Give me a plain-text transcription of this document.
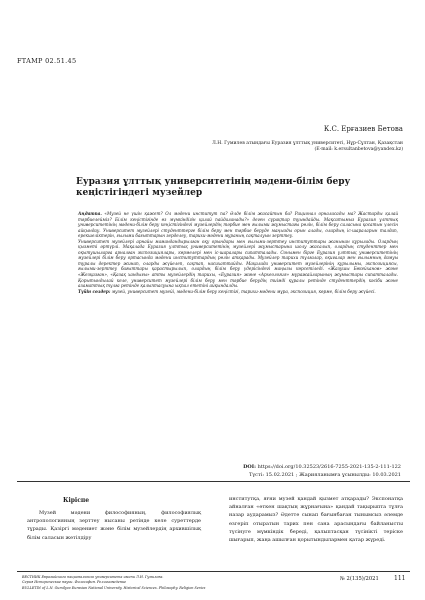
FTAMP 02.51.45
К.С. Ерғазиев Бетова
Л.Н. Гумилев атындағы Еуразия ұлттық университеті, Нұр-Сұлтан, Қазақстан
(E-mail: k.ersultanbetova@yandex.kz)
Еуразия ұлттық университетінің мәдени-білім беру кеңістігіндегі музейлер

Аңдатпа. «Музей не үшін қажет? Ол мәдени институт па? Әлде білім жасайтын ба? Рационал орналасады ма? Жастарды қалай тәрбиелейміз? Білім кеңістігінде өз мүмкіндігін қалай пайдаланады?» деген сұрақтар туындайды. Мақсатымыз Еуразия ұлттық университетінің мәдени-білім беру кеңістігіндегі музейлердің тәрбие мен ғылыми жұмыстағы рөлін, білім беру саласына қосатын үлесін айқындау. Университет музейлері студенттерге білім беру мен тәрбие беруде маңызды орын алады, олардың іс-шараларын талдап, ерекшеліктерін, ғылыми бағыттарын зерделеу, тарихи-мәдени мұраның сақталуын зерттеу.

Университет музейлері арнайы мамандандырылған оқу орындары мен ғылыми-зерттеу институттары жанынан құрылады. Олардың қызметі әртүрлі. Мақалада Еуразия ұлттық университетінің музейлері жұмыстарына шолу жасалып, олардың студенттер мен оқытушыларға арналған экспозициялары, көрмелері мен іс-шаралары сипатталады. Сонымен бірге Еуразия ұлттық университетінің музейлері білім беру ортасында мәдени институттардың рөлін атқарады. Музейлер тарихи тұлғалар, оқиғалар мен ғылымның дамуы туралы деректер жинап, оларды жүйелеп, сақтап, насихаттайды. Мақалада университет музейлерінің құрылымы, экспозициясы, ғылыми-зерттеу бағыттары қарастырылып, олардың білім беру үдерісіндегі маңызы көрсетіледі. «Жазушы Бөкейханов» және «Жезқазған», «Қазақ хандығы» атты музейлердің тарихы, «Еуразия» және «Археология» мұражайларының жұмыстары сипатталады. Қорытындылай келе, университет музейлері білім беру мен тәрбие берудің тиімді құралы ретінде студенттердің кәсіби және азаматтық тұлға ретінде қалыптасуына ықпал ететіні айқындалды.

Түйін сөздер: музей, университет музейі, мәдени-білім беру кеңістігі, тарихи-мәдени мұра, экспозиция, көрме, білім беру жүйесі.

DOI: https://doi.org/10.32523/2616-7255-2021-135-2-111-122
Түсті: 15.02.2021 ; Жарияланымға ұсынылды: 10.03.2021
Кіріспе

Музей мәдени философияның, философиялық антропологияның зерттеу нысаны ретінде келе суреттерде тұрады. Қазіргі мәдениет және білім музейлердің архившілық білім саласын жетілдіру

институтқа, яғни музей қандай қызмет атқарады? Экспонатқа айналған «өткен шақтың жұрнағына» қандай тақырыпта тұлға назар аударамыз? Әдетте сынап бағынбаған тынымсыз әлемде өзгеріп отыратын тарих пен сана арасындағы байланысты түсінуге мүмкіндік береді, қалыптасқан түсінікті теріске шығарып, жаңа ашылған қорытындылармен қатар жүреді.

ВЕСТНИК Евразийского национального университета имени Л.Н. Гумилева.
Серия Исторические науки. Философия. Религиоведение
BULLETIN of L.N. Gumilyov Eurasian National University. Historical Sciences. Philosophy. Religion Series
№ 2(135)/2021	111
